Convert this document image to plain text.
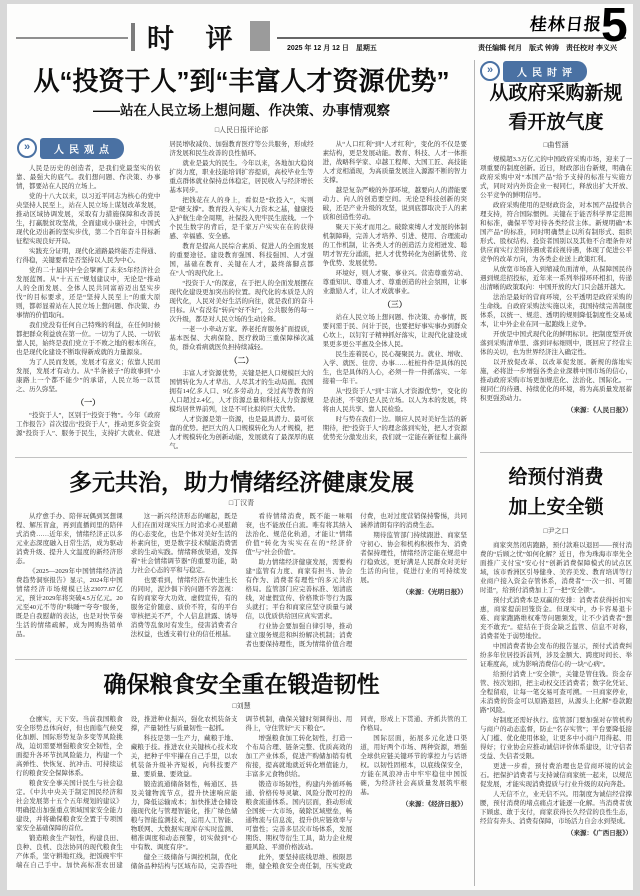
时 评	2025 年 12 月 12 日　星期五
桂林日报
5
责任编辑 何月　版式 钟涛　责任校对 李义兴
从“投资于人”到“丰富人才资源优势”
——站在人民立场上想问题、作决策、办事情观察
□人民日报评论部
»	人民观点

人民是历史的创造者，是我们党最坚实的依靠、最强大的底气。我们想问题、作决策、办事情，都要站在人民的立场上。

党的十八大以来，以习近平同志为核心的党中央坚持人民至上，站在人民立场上谋划改革发展，推动区域协调发展，采取有力措施保障和改善民生，打赢脱贫攻坚战，全面建成小康社会，中国式现代化迈出新的坚实步伐，第二个百年奋斗目标新征程实现良好开局。

实践充分证明，现代化道路最终能否走得通、行得稳，关键要看是否坚持以人民为中心。

党的二十届四中全会擘画了未来5年经济社会发展蓝图。从“十五五”规划建议中，无论是“推动人的全面发展、全体人民共同富裕迈出坚实步伐”的目标要求，还是“坚持人民至上”的重大原则，都彰显着站在人民立场上想问题、作决策、办事情的价值取向。

我们党没有任何自己特殊的利益，在任何时候都把群众利益放在第一位。一切为了人民、一切依靠人民，始终是我们党立于不败之地的根本所在，也是现代化建设不断取得新成就的力量源泉。

为了人民而发展，发展才有意义；依靠人民而发展，发展才有动力。从“半条被子”的故事到“小康路上一个都不能少”的承诺，人民立场一以贯之、历久弥坚。

（一）

“投资于人”，区别于“投资于物”。今年《政府工作报告》首次提出“投资于人”，推动更多资金资源“投资于人”、服务于民生，支持扩大就业、促进居民增收减负、加强教育医疗等公共服务，形成经济发展和民生改善的良性循环。

就业是最大的民生。今年以来，各地加大稳岗扩岗力度，职业技能培训扩容提质，高校毕业生等重点群体就业保持总体稳定，居民收入与经济增长基本同步。

把钱花在人的身上，看似是“软投入”，实则是“硬支撑”。教育投入夯实人力资本之基，健康投入护航生命全周期，社保投入兜牢民生底线。一个个民生数字的背后，是千家万户实实在在的获得感、幸福感、安全感。

教育是提高人民综合素质、促进人的全面发展的重要途径。建设教育强国、科技强国、人才强国，基础在教育、关键在人才，最终落脚点都在“人”的现代化上。

“投资于人”的深意，在于把人的全面发展摆在现代化建设更加突出的位置。现代化的本质是人的现代化，人民对美好生活的向往，就是我们的奋斗目标。从“有没有”转向“好不好”，公共服务的每一次升级，都是对人民立场的生动诠释。

一老一小牵动万家。养老托育服务扩面提质，基本医保、大病保险、医疗救助三重保障梯次减负，群众看病就医负担持续减轻。

（二）

丰富人才资源优势，关键是把人口规模巨大的国情转化为人才辈出、人尽其才的生动局面。我国拥有14亿多人口、9亿多劳动力，受过高等教育的人口超过2.4亿，人才资源总量和科技人力资源规模均居世界前列，这是不可比拟的巨大优势。

人才资源是第一资源，也是最具潜力、最可依靠的优势。把巨大的人口规模转化为人才规模，把人才规模转化为创新动能，发展就有了最深厚的底气。

从“人口红利”到“人才红利”，变化的不仅是要素结构，更是发展动能。教育、科技、人才一体推进，战略科学家、卓越工程师、大国工匠、高技能人才竞相涌现，为高质量发展注入源源不断的智力支撑。

越是复杂严峻的外部环境，越要向人的潜能要动力、向人的创造要空间。无论是科技创新的突破，还是产业升级的攻坚，说到底都取决于人的素质和创造性劳动。

聚天下英才而用之。破除束缚人才发展的体制机制障碍，完善人才培养、引进、使用、合理流动的工作机制，让各类人才的创造活力竞相迸发、聪明才智充分涌流，把人才优势转化为创新优势、竞争优势、发展优势。

环境好，则人才聚、事业兴。营造尊重劳动、尊重知识、尊重人才、尊重创造的社会氛围，让事业激励人才，让人才成就事业。

（三）

站在人民立场上想问题、作决策、办事情，既要问需于民、问计于民，也要把好事实事办到群众心坎上，以钉钉子精神抓好落实，让现代化建设成果更多更公平惠及全体人民。

民生连着民心，民心凝聚民力。就业、增收、入学、就医、住房、办事……桩桩件件是具体的民生，也是具体的人心，必须一件一件抓落实、一年接着一年干。

从“投资于人”到“丰富人才资源优势”，变化的是表述，不变的是人民立场。以人为本的发展，终将由人民共享、靠人民检验。

时与势在我们一边。顺应人民对美好生活的新期待，把“投资于人”的理念落到实处，把人才资源优势充分激发出来，我们就一定能在新征程上赢得

多元共治，助力情绪经济健康发展
□丁汉青

从疗愈手办、陪伴玩偶到冥想课程、解压盲盒，再到直播间里的陪伴式消费……近年来，情绪经济正以多元业态深度融入日常生活，成为驱动消费升级、提升人文温度的新经济形态。

《2025—2029年中国情绪经济消费趋势洞察报告》显示，2024年中国情绪经济市场规模已达23077.67亿元，预计2029年将突破4.5万亿元。20元至40元不等的“哄睡”“夸夸”服务，既是自我慰藉的表达，也是对快节奏生活的情绪疏解，成为网购热销单品。

这一新兴经济形态的崛起，既是人们在面对现实压力时追求心灵慰藉的心态变化，也是个体对美好生活的朴素向往，更是数字技术赋能消费需求的生动实践。情绪释放渠道，发挥着“社会情绪调节器”的重要功能，助力社会心态的平和与稳定。

也要看到，情绪经济在快速生长的同时，泥沙俱下的问题不容忽视：有的商家夸大功效、虚假宣传，有的服务定价随意、质价不符，有的平台审核把关不严，个人信息泄露、诱导消费等乱象时有发生，侵害消费者合法权益，也透支着行业的信任根基。

看待情绪消费，既不能一味唱衰，也不能放任自流。唯有将其纳入法治化、规范化轨道，才能让“情绪价值”转化为实实在在的“经济价值”与“社会价值”。

助力情绪经济健康发展，需要构建“监管有力度、商家有担当、协会有作为、消费者有理性”的多元共治格局。监管部门应完善标准、划清底线，对虚假宣传、价格欺诈等行为露头就打；平台和商家应坚守质量与诚信，以优质供给回应真实需求。

行业协会要加强自律引导，推动建立服务规范和纠纷解决机制；消费者也要保持理性，既为情绪价值合理付费，也对过度营销保持警惕，共同涵养清朗有序的消费生态。

期待监管部门持续跟进、商家坚守初心、协会和机构积极作为、消费者保持理性，情绪经济定能在规范中行稳致远，更好满足人民群众对美好生活的向往，促进行业的可持续发展。

（来源：《光明日报》）

确保粮食安全重在锻造韧性
□刘慧

仓廪实，天下安。当前我国粮食安全形势总体向好，但也面临气候变化加剧、国际形势复杂多变等风险挑战，迫切需要增强粮食安全韧性，全面提升各环节抗风险能力，构建一个高弹性、快恢复、抗冲击、可持续运行的粮食安全保障体系。

粮食安全事关国计民生与社会稳定。《中共中央关于制定国民经济和社会发展第十五个五年规划的建议》明确提出加强重点领域国家安全能力建设，并将确保粮食安全置于专项国家安全基础保障的首位。

锻造粮食生产韧性，构建良田、良种、良机、良法协同的现代粮食生产体系，坚守耕地红线，把饭碗牢牢端在自己手中。加快高标准农田建设，推进种业振兴，强化农机装备支撑，产量韧性与质量韧性一起抓。

科技是第一生产力，藏粮于地、藏粮于技。推进农业关键核心技术攻关，把种子牢牢攥在自己手里，以农机装备升级补齐短板，向科技要产量、要质量、要效益。

锻造流通储备韧性，畅通区、县及关键物流节点，提升快速响应能力，降低运输成本；加快推进仓储设施现代化与管理智能化，推广绿色储粮与智能监测技术，运用人工智能、物联网、大数据实现库存实时监测、精准调度和动态预警，切实做到“心中有数、调度有序”。

健全三级储备与调控机制，优化储备品种结构与区域布局，完善吞吐调节机制，确保关键时刻调得出、用得上，守住管好“天下粮仓”。

增强粮食加工转化韧性，打造一个布局合理、链条完整、优质高效的加工产业体系，促进产购储加销有机衔接，提高就地就近转化增值能力，丰富多元食物供给。

锻造市场韧性，构建内外循环畅通、价格传导灵敏、风险分散可控的粮食流通体系。国内层面，推动形成全国统一大市场，破除区域壁垒，畅通物流与信息流，提升供应链效率与可靠性；完善多层次市场体系，发展期货、期权等衍生工具，助力企业规避风险、平滑价格波动。

此外，要坚持底线思维、极限思维，健全粮食安全责任制，压实党政同责，形成上下贯通、齐抓共管的工作格局。

国际层面，拓展多元化进口渠道，用好两个市场、两种资源，增强全球供应链关键环节的掌控力与话语权。以韧性固根本，以底线保安全，方能在风浪冲击中牢牢稳住中国饭碗，为经济社会高质量发展筑牢根基。

（来源：《经济日报》）

»	人民时评
从政府采购新规
看开放气度
□曲哲涵

规模超3.3万亿元的中国政府采购市场，迎来了一项重要的制度创新。近日，财政部出台新规，明确在政府采购中对“本国产品”给予支持的标准与实施方式，同时对内外资企业一视同仁，释放出扩大开放、公平竞争的鲜明信号。

政府采购使用的是财政资金，对本国产品提供合理支持，符合国际惯例。关键在于能否科学界定范围和标准，确保平等对待各类经营主体。新规明确“本国产品”的标准，同时明确禁止以所有制形式、组织形式、股权结构、投资者国别以及其他不合理条件对供应商实行差别待遇或者歧视待遇，体现了促进公平竞争的改革方向，为各类企业送上政策红利。

从放宽市场准入到缩减负面清单，从保障国民待遇到规范招投标，近年来一系列举措环环相扣，传递出清晰的政策取向：中国开放的大门只会越开越大。

法治是最好的营商环境，公平透明是政府采购的生命线。自政府采购法实施以来，我国持续完善制度体系，以统一、规范、透明的规则降低制度性交易成本，让中外企业在同一起跑线上竞争。

开放是中国式现代化的鲜明标识。把制度型开放落到采购清单里、落到评标细则中，既回应了经营主体的关切，也为世界经济注入确定性。

以开放促改革、以改革促发展。新规的落地实施，必将进一步增强各类企业深耕中国市场的信心，推动政府采购市场更加规范化、法治化、国际化。一视同仁的待遇、持续优化的环境，将为高质量发展蓄积更强劲动力。

（来源：《人民日报》）

给预付消费
加上安全锁
□尹之口

商家突然闭店跑路，预付款难以退回——预付消费的“后顾之忧”如何化解？近日，作为珠海市率先全面推广支付宝“安心付”创新消费保障模式的试点区域，该市香洲区引导健身、美容美发、教育培训等行业商户接入资金存管体系，消费者“一次一扣、可随时退”，给预付消费加上了一把“安全锁”。

预付式消费本是双赢的安排：消费者获得折扣实惠，商家提前回笼资金。但现实中，办卡容易退卡难、商家跑路维权难等问题频发，让不少消费者“想充不敢充”。症结在于资金缺乏监管、信息不对称，消费者处于弱势地位。

中国消费者协会发布的报告显示，预付式消费纠纷多年位居投诉前列，涉及金额大、跨度时间长、举证难度高，成为影响消费信心的一块“心病”。

给预付消费上“安全锁”，关键是管住钱。资金存管、按次划扣，把主动权交还消费者；数字化凭证、全程留痕，让每一笔交易可查可溯。一旦商家停业，未消费的资金可以原路退回，从源头上化解“卷款跑路”风险。

好制度还需好执行。监管部门要加强对存管机构与商户的动态监督，防止“名存实管”；平台要降低接入门槛、优化使用体验，让更多中小商户用得起、用得好；行业协会应推动诚信评价体系建设，让守信者受益、失信者受限。

更进一步看，预付费治理也是营商环境的试金石。把保护消费者与支持诚信商家统一起来，以规范促发展，才能实现消费提质与行业升级的双向奔赴。

人无信不立，业无信不兴。用制度为诚信经营撑腰，预付消费的堵点痛点才能逐一化解。当消费者放下顾虑、敢于支付，商家获得长久经营的良性生态，经营有奔头、消费有保障，市场活力自会水到渠成。

（来源：《广西日报》）
